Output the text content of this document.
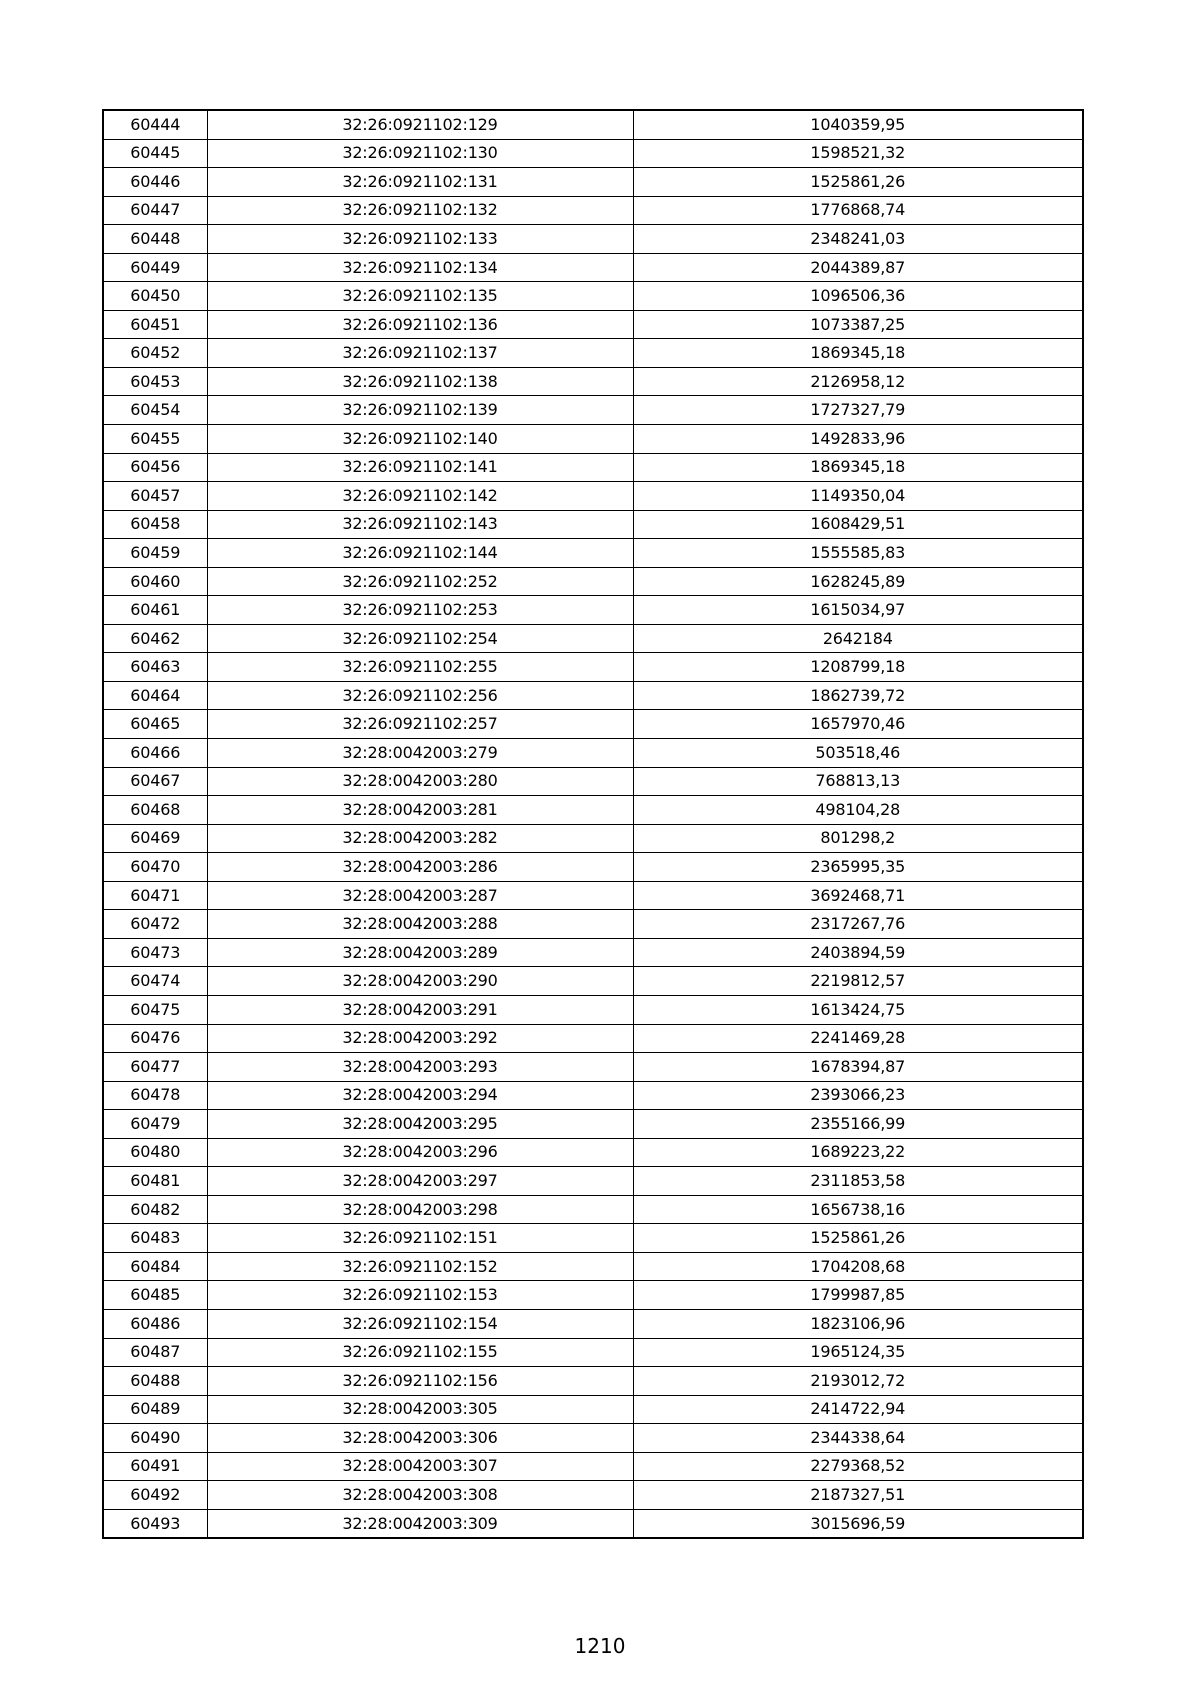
60444	32:26:0921102:129	1040359,95
60445	32:26:0921102:130	1598521,32
60446	32:26:0921102:131	1525861,26
60447	32:26:0921102:132	1776868,74
60448	32:26:0921102:133	2348241,03
60449	32:26:0921102:134	2044389,87
60450	32:26:0921102:135	1096506,36
60451	32:26:0921102:136	1073387,25
60452	32:26:0921102:137	1869345,18
60453	32:26:0921102:138	2126958,12
60454	32:26:0921102:139	1727327,79
60455	32:26:0921102:140	1492833,96
60456	32:26:0921102:141	1869345,18
60457	32:26:0921102:142	1149350,04
60458	32:26:0921102:143	1608429,51
60459	32:26:0921102:144	1555585,83
60460	32:26:0921102:252	1628245,89
60461	32:26:0921102:253	1615034,97
60462	32:26:0921102:254	2642184
60463	32:26:0921102:255	1208799,18
60464	32:26:0921102:256	1862739,72
60465	32:26:0921102:257	1657970,46
60466	32:28:0042003:279	503518,46
60467	32:28:0042003:280	768813,13
60468	32:28:0042003:281	498104,28
60469	32:28:0042003:282	801298,2
60470	32:28:0042003:286	2365995,35
60471	32:28:0042003:287	3692468,71
60472	32:28:0042003:288	2317267,76
60473	32:28:0042003:289	2403894,59
60474	32:28:0042003:290	2219812,57
60475	32:28:0042003:291	1613424,75
60476	32:28:0042003:292	2241469,28
60477	32:28:0042003:293	1678394,87
60478	32:28:0042003:294	2393066,23
60479	32:28:0042003:295	2355166,99
60480	32:28:0042003:296	1689223,22
60481	32:28:0042003:297	2311853,58
60482	32:28:0042003:298	1656738,16
60483	32:26:0921102:151	1525861,26
60484	32:26:0921102:152	1704208,68
60485	32:26:0921102:153	1799987,85
60486	32:26:0921102:154	1823106,96
60487	32:26:0921102:155	1965124,35
60488	32:26:0921102:156	2193012,72
60489	32:28:0042003:305	2414722,94
60490	32:28:0042003:306	2344338,64
60491	32:28:0042003:307	2279368,52
60492	32:28:0042003:308	2187327,51
60493	32:28:0042003:309	3015696,59
1210
